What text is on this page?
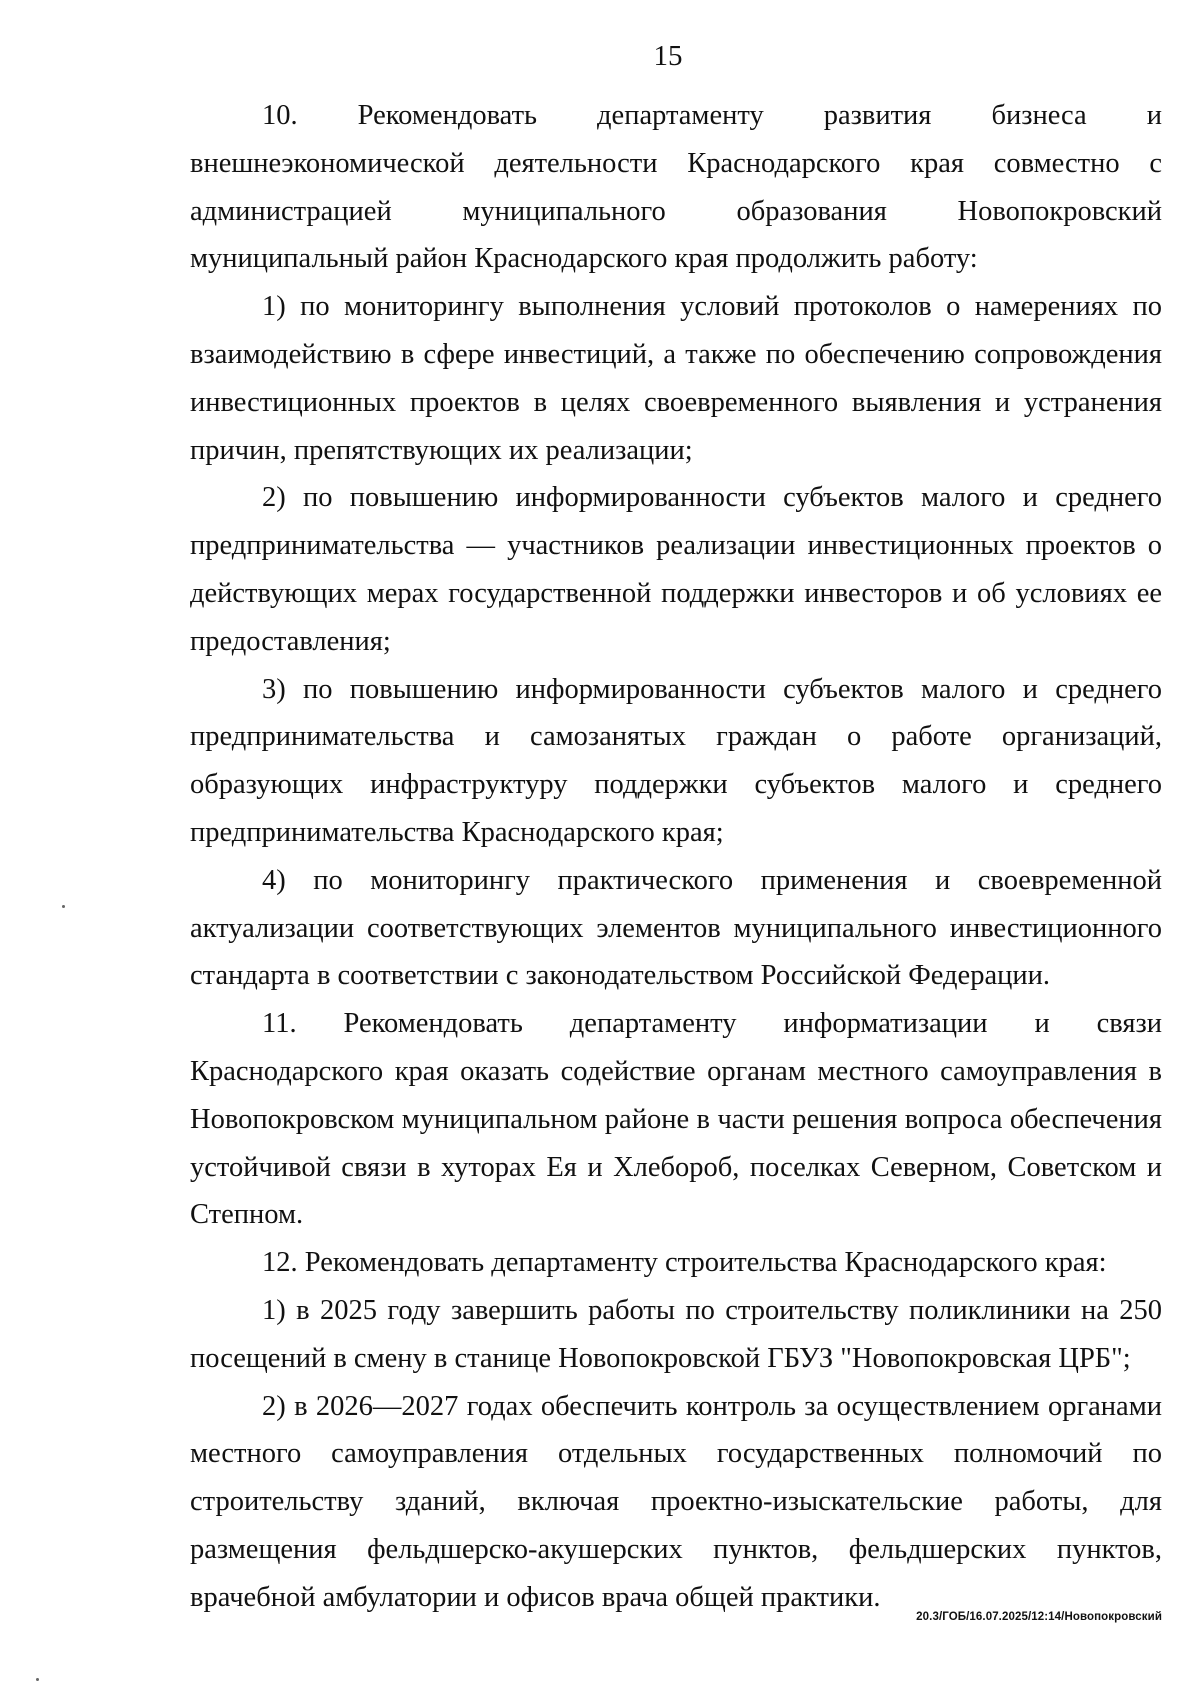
15

10. Рекомендовать департаменту развития бизнеса и внешнеэкономической деятельности Краснодарского края совместно с администрацией муниципального образования Новопокровский муниципальный район Краснодарского края продолжить работу:

1) по мониторингу выполнения условий протоколов о намерениях по взаимодействию в сфере инвестиций, а также по обеспечению сопровождения инвестиционных проектов в целях своевременного выявления и устранения причин, препятствующих их реализации;

2) по повышению информированности субъектов малого и среднего предпринимательства — участников реализации инвестиционных проектов о действующих мерах государственной поддержки инвесторов и об условиях ее предоставления;

3) по повышению информированности субъектов малого и среднего предпринимательства и самозанятых граждан о работе организаций, образующих инфраструктуру поддержки субъектов малого и среднего предпринимательства Краснодарского края;

4) по мониторингу практического применения и своевременной актуализации соответствующих элементов муниципального инвестиционного стандарта в соответствии с законодательством Российской Федерации.

11. Рекомендовать департаменту информатизации и связи Краснодарского края оказать содействие органам местного самоуправления в Новопокровском муниципальном районе в части решения вопроса обеспечения устойчивой связи в хуторах Ея и Хлебороб, поселках Северном, Советском и Степном.

12. Рекомендовать департаменту строительства Краснодарского края:

1) в 2025 году завершить работы по строительству поликлиники на 250 посещений в смену в станице Новопокровской ГБУЗ "Новопокровская ЦРБ";

2) в 2026—2027 годах обеспечить контроль за осуществлением органами местного самоуправления отдельных государственных полномочий по строительству зданий, включая проектно-изыскательские работы, для размещения фельдшерско-акушерских пунктов, фельдшерских пунктов, врачебной амбулатории и офисов врача общей практики.

20.3/ГОБ/16.07.2025/12:14/Новопокровский
